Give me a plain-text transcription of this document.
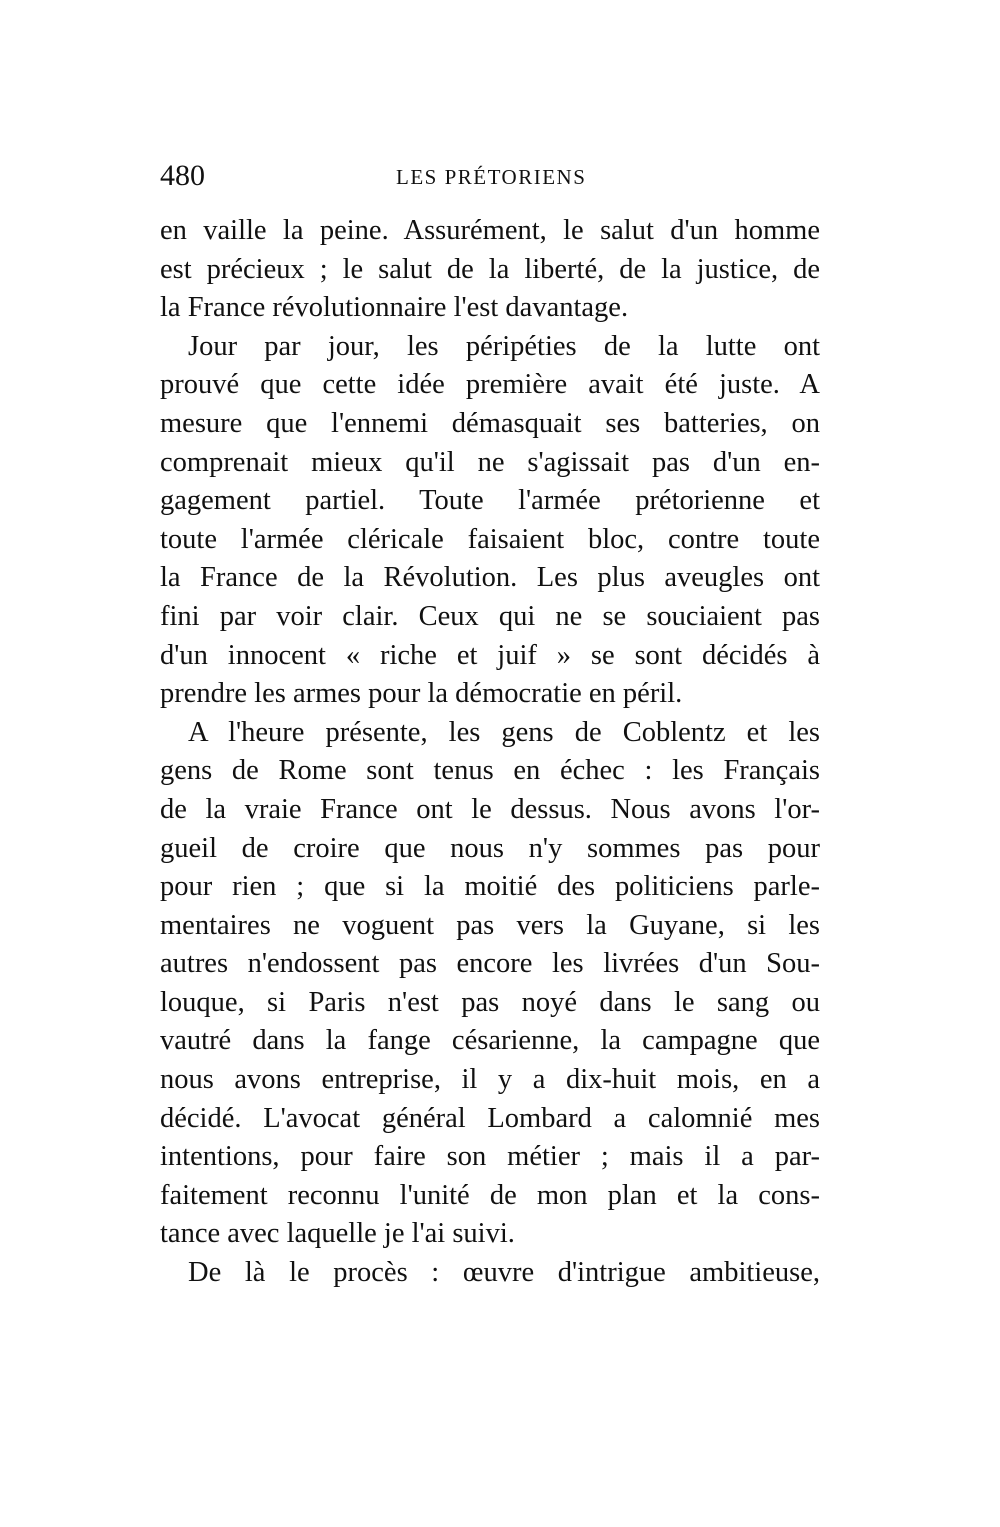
480	LES PRÉTORIENS
en vaille la peine. Assurément, le salut d'un homme
est précieux ; le salut de la liberté, de la justice, de
la France révolutionnaire l'est davantage.
Jour par jour, les péripéties de la lutte ont
prouvé que cette idée première avait été juste. A
mesure que l'ennemi démasquait ses batteries, on
comprenait mieux qu'il ne s'agissait pas d'un en-
gagement partiel. Toute l'armée prétorienne et
toute l'armée cléricale faisaient bloc, contre toute
la France de la Révolution. Les plus aveugles ont
fini par voir clair. Ceux qui ne se souciaient pas
d'un innocent « riche et juif » se sont décidés à
prendre les armes pour la démocratie en péril.
A l'heure présente, les gens de Coblentz et les
gens de Rome sont tenus en échec : les Français
de la vraie France ont le dessus. Nous avons l'or-
gueil de croire que nous n'y sommes pas pour
pour rien ; que si la moitié des politiciens parle-
mentaires ne voguent pas vers la Guyane, si les
autres n'endossent pas encore les livrées d'un Sou-
louque, si Paris n'est pas noyé dans le sang ou
vautré dans la fange césarienne, la campagne que
nous avons entreprise, il y a dix-huit mois, en a
décidé. L'avocat général Lombard a calomnié mes
intentions, pour faire son métier ; mais il a par-
faitement reconnu l'unité de mon plan et la cons-
tance avec laquelle je l'ai suivi.
De là le procès : œuvre d'intrigue ambitieuse,
